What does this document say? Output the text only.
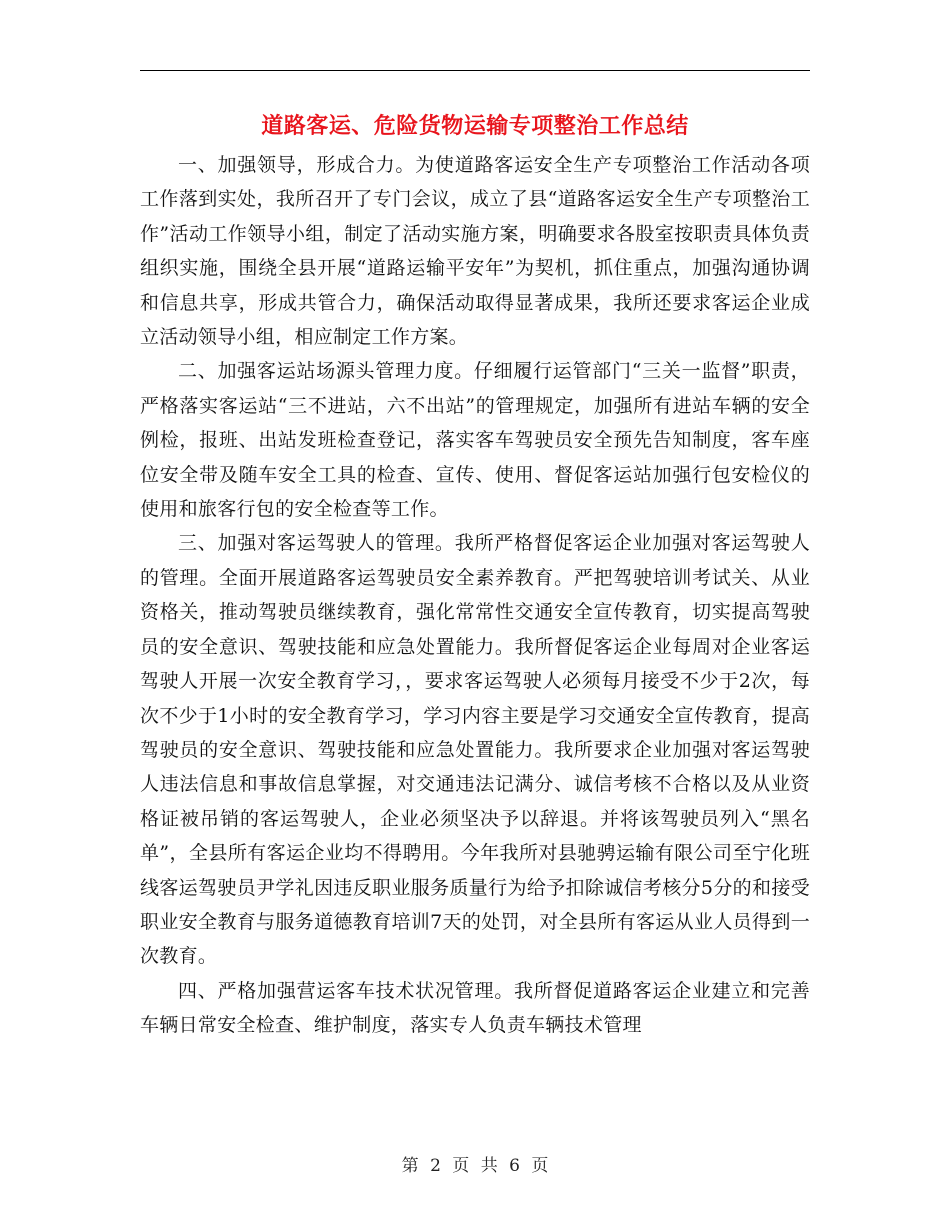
道路客运、危险货物运输专项整治工作总结

一、加强领导，形成合力。为使道路客运安全生产专项整治工作活动各项工作落到实处，我所召开了专门会议，成立了县“道路客运安全生产专项整治工作”活动工作领导小组，制定了活动实施方案，明确要求各股室按职责具体负责组织实施，围绕全县开展“道路运输平安年”为契机，抓住重点，加强沟通协调和信息共享，形成共管合力，确保活动取得显著成果，我所还要求客运企业成立活动领导小组，相应制定工作方案。

二、加强客运站场源头管理力度。仔细履行运管部门“三关一监督”职责，严格落实客运站“三不进站，六不出站”的管理规定，加强所有进站车辆的安全例检，报班、出站发班检查登记，落实客车驾驶员安全预先告知制度，客车座位安全带及随车安全工具的检查、宣传、使用、督促客运站加强行包安检仪的使用和旅客行包的安全检查等工作。

三、加强对客运驾驶人的管理。我所严格督促客运企业加强对客运驾驶人的管理。全面开展道路客运驾驶员安全素养教育。严把驾驶培训考试关、从业资格关，推动驾驶员继续教育，强化常常性交通安全宣传教育，切实提高驾驶员的安全意识、驾驶技能和应急处置能力。我所督促客运企业每周对企业客运驾驶人开展一次安全教育学习，，要求客运驾驶人必须每月接受不少于2次，每次不少于1小时的安全教育学习，学习内容主要是学习交通安全宣传教育，提高驾驶员的安全意识、驾驶技能和应急处置能力。我所要求企业加强对客运驾驶人违法信息和事故信息掌握，对交通违法记满分、诚信考核不合格以及从业资格证被吊销的客运驾驶人，企业必须坚决予以辞退。并将该驾驶员列入“黑名单”，全县所有客运企业均不得聘用。今年我所对县驰骋运输有限公司至宁化班线客运驾驶员尹学礼因违反职业服务质量行为给予扣除诚信考核分5分的和接受职业安全教育与服务道德教育培训7天的处罚，对全县所有客运从业人员得到一次教育。

四、严格加强营运客车技术状况管理。我所督促道路客运企业建立和完善车辆日常安全检查、维护制度，落实专人负责车辆技术管理

第 2 页 共 6 页
